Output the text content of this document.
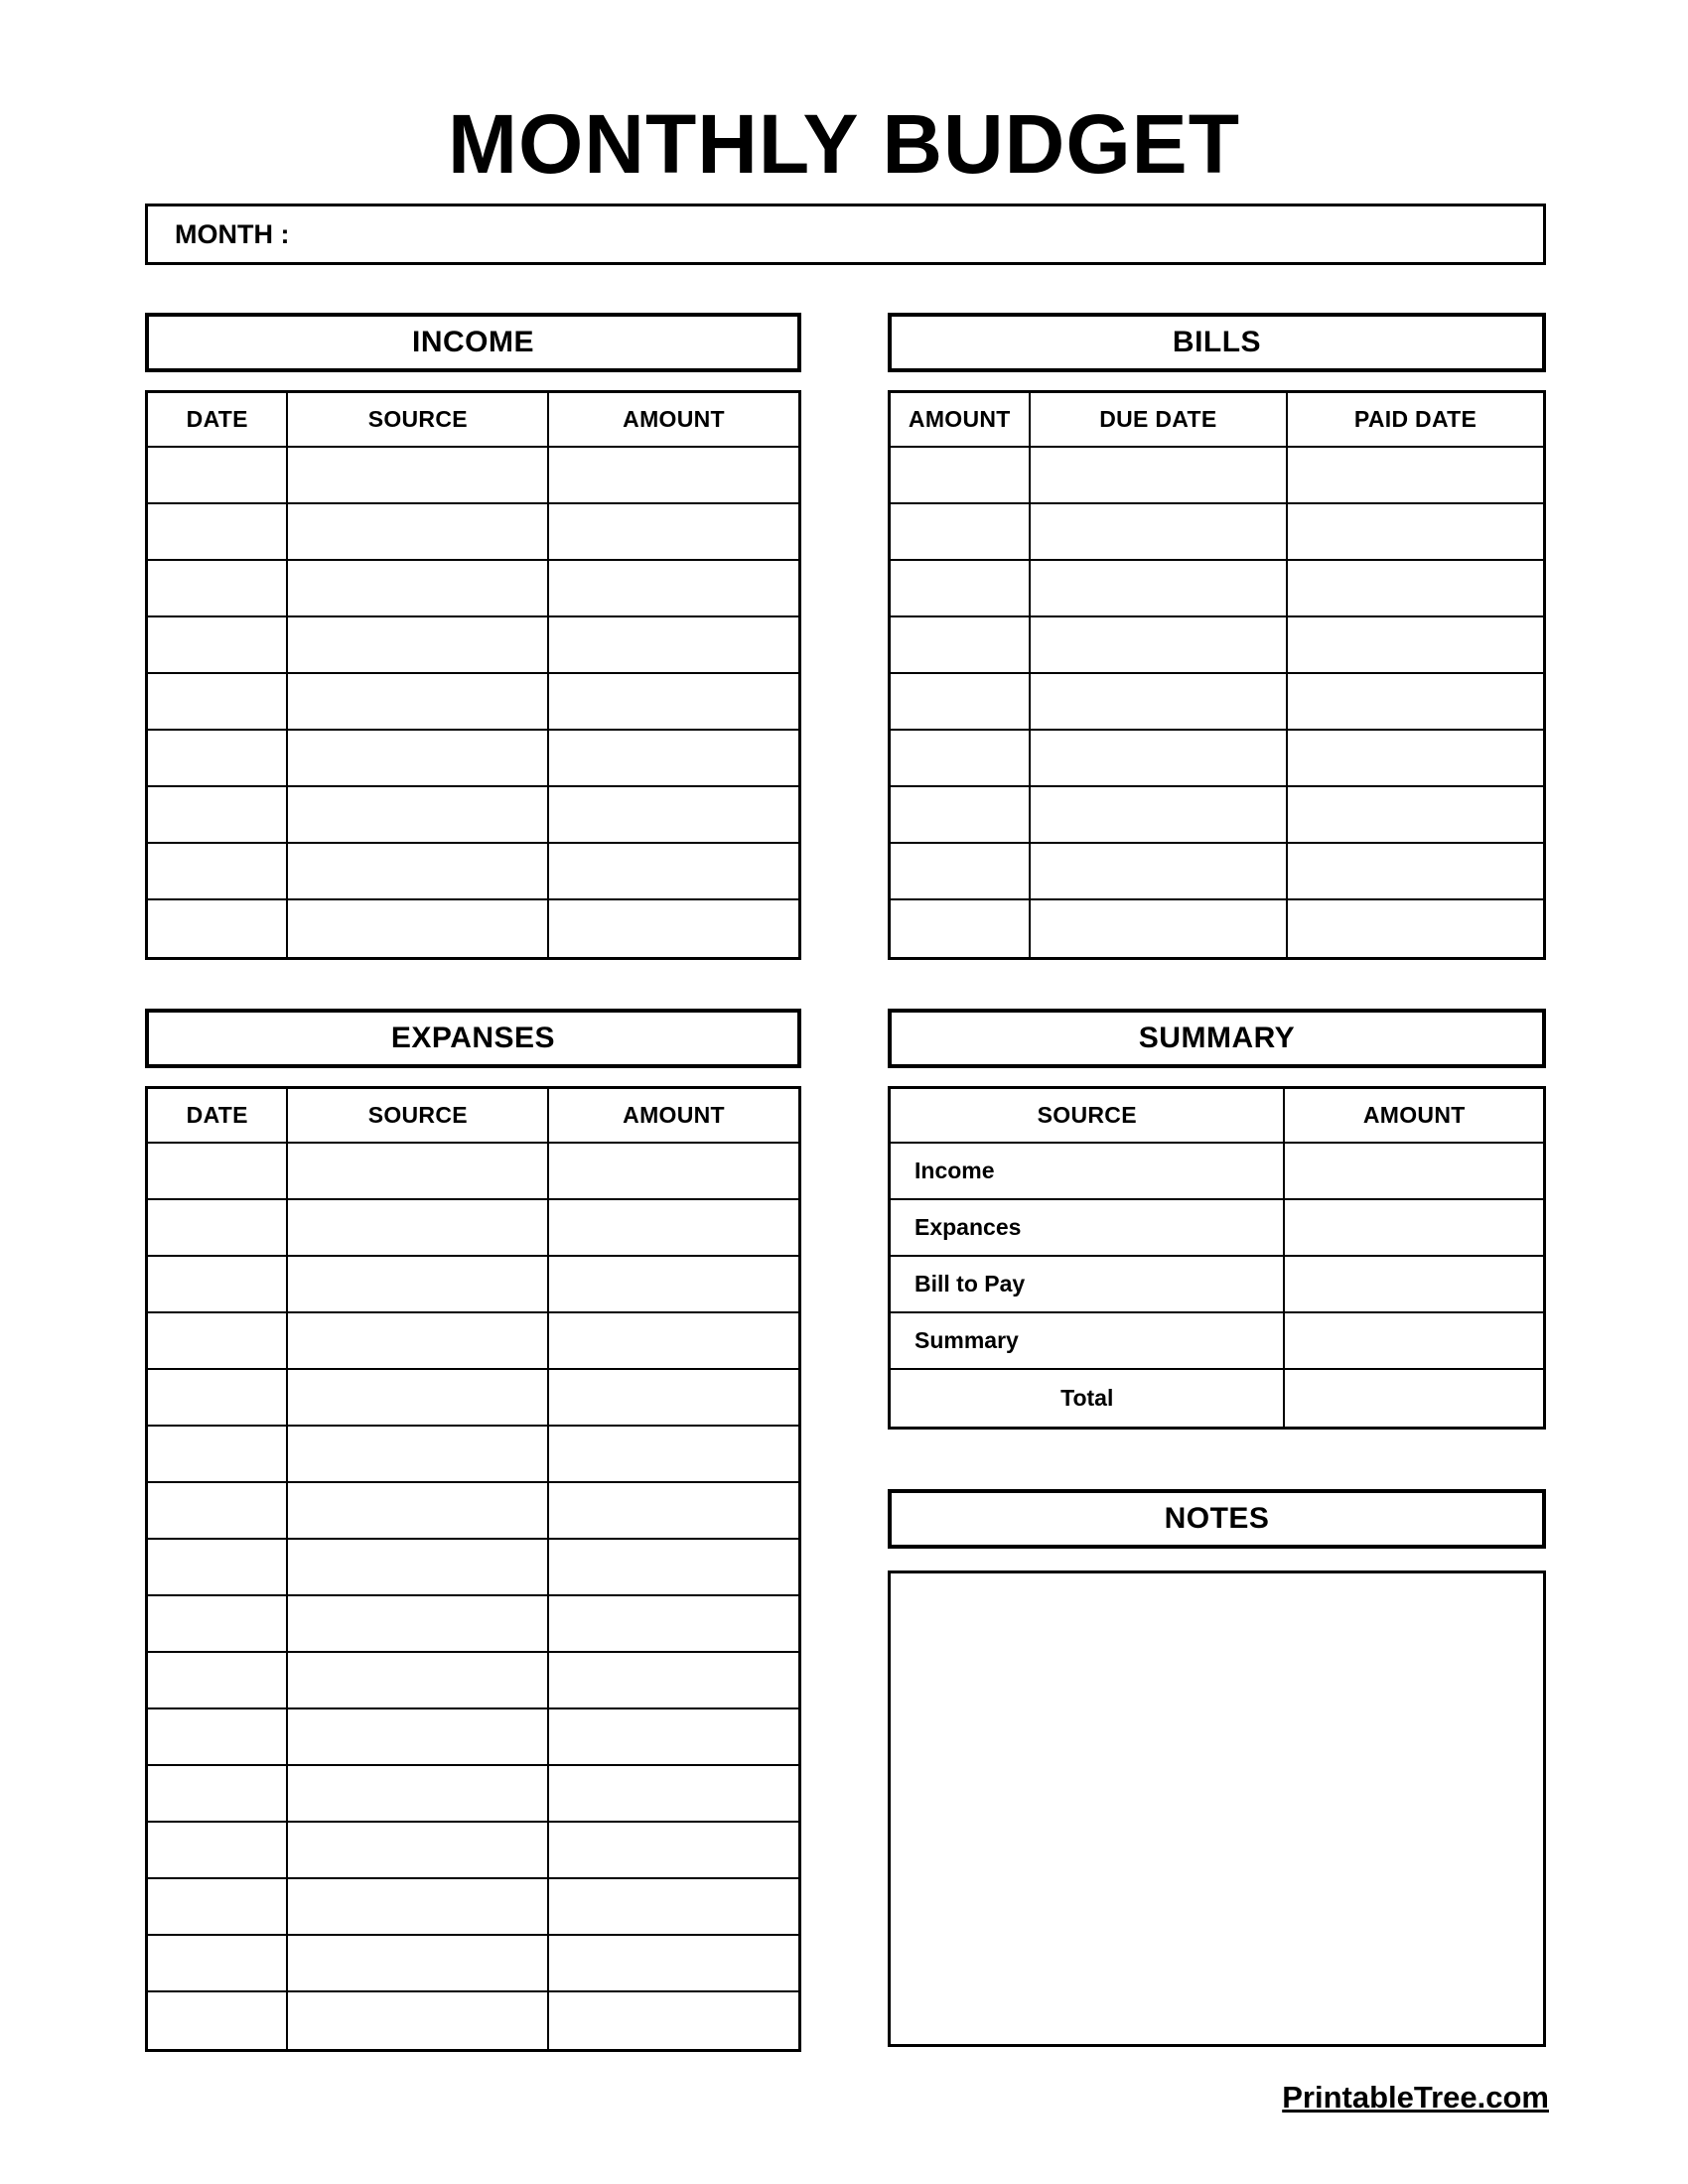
MONTHLY BUDGET
MONTH :
INCOME
DATE	SOURCE	AMOUNT
EXPANSES
DATE	SOURCE	AMOUNT
BILLS
AMOUNT	DUE DATE	PAID DATE
SUMMARY
SOURCE	AMOUNT
Income
Expances
Bill to Pay
Summary
Total
NOTES
PrintableTree.com
